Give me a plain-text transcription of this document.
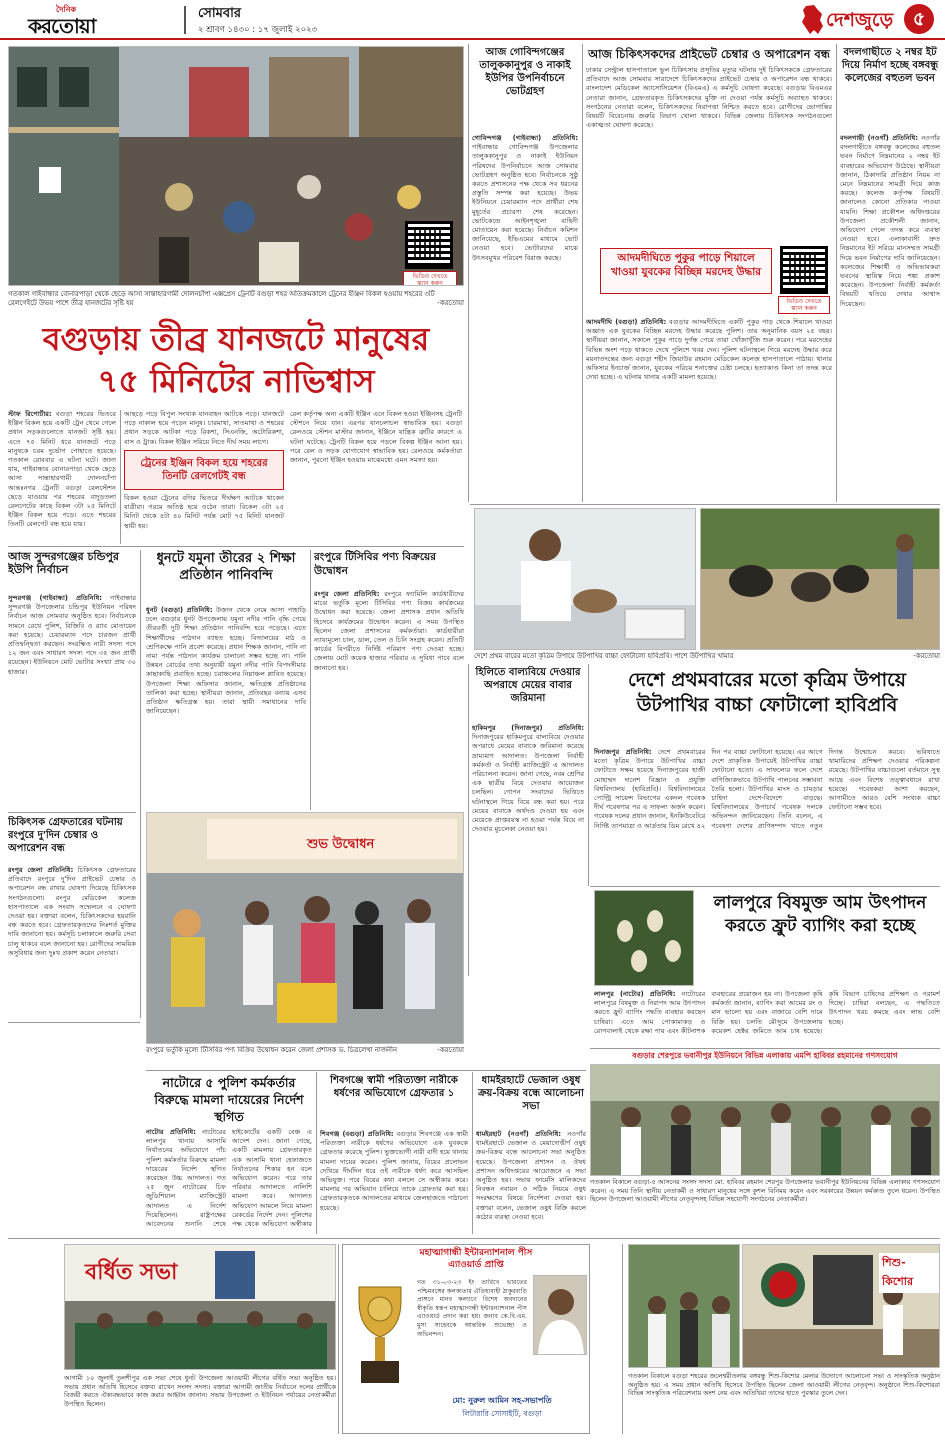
দৈনিক
করতোয়া
সোমবার
২ শ্রাবণ ১৪৩০ : ১৭ জুলাই ২০২৩	দেশজুড়ে	৫
ভিডিও দেখতে স্ক্যান করুন
গতকাল গাইবান্ধার বোনারপাড়া থেকে ছেড়ে আসা সান্তাহারগামী দোলনচাঁপা এক্সপ্রেস ট্রেনটি বগুড়া শহর অতিক্রমকালে ট্রেনের ইঞ্জিন বিকল হওয়ায় শহরের ৩টি রেলগেইটে উভয় পাশে তীব্র যানজটের সৃষ্টি হয়	-করতোয়া
বগুড়ায় তীব্র যানজটে মানুষের ৭৫ মিনিটের নাভিশ্বাস
স্টাফ রিপোর্টার: বগুড়া শহরের ভিতরে ইঞ্জিন বিকল হয়ে একটি ট্রেন থেমে গেলে প্রধান সড়কগুলোতে যানজট সৃষ্টি হয়। এতে ৭৫ মিনিট ধরে যানজটে পড়ে মানুষকে চরম দুর্ভোগ পোহাতে হয়েছে। গতকাল রোববার এ ঘটনা ঘটে। জানা যায়, গাইবান্ধার বোনারপাড়া থেকে ছেড়ে আসা সান্তাহারগামী দোলনচাঁপা আন্তঃনগর ট্রেনটি বগুড়া রেলস্টেশন ছেড়ে যাওয়ার পর শহরের বাদুড়তলা রেলগেটের কাছে বিকল ৩টা ২৫ মিনিটে ইঞ্জিন বিকল হয়ে পড়ে। এতে শহরের তিনটি রেলগেট বন্ধ হয়ে যায়।
আছড়ে পড়ে বিপুল সংখ্যক যানবাহন আটকে পড়ে। যানজটে পড়ে নাকাল হয়ে পড়েন মানুষ। চারমাথা, সাতমাথা ও শহরের প্রধান সড়কে আটকা পড়ে রিকশা, সিএনজি, অটোরিকশা, বাস ও ট্রাক। বিকল ইঞ্জিন সরিয়ে নিতে দীর্ঘ সময় লাগে।
ট্রেনের ইঞ্জিন বিকল হয়ে শহরের তিনটি রেলগেটই বন্ধ
বিকল হওয়া ট্রেনের বগির ভিতরে দীর্ঘক্ষণ আটকে থাকেন যাত্রীরা। গরমে অতিষ্ঠ হয়ে ওঠেন তারা। বিকেল ৩টা ২৫ মিনিট থেকে ৪টা ৪০ মিনিট পর্যন্ত মোট ৭৫ মিনিট যানজট স্থায়ী হয়।
রেল কর্তৃপক্ষ অন্য একটি ইঞ্জিন এনে বিকল হওয়া ইঞ্জিনসহ ট্রেনটি স্টেশনে নিয়ে যান। এরপর যানচলাচল স্বাভাবিক হয়। বগুড়া রেলওয়ে স্টেশন মাস্টার জানান, ইঞ্জিনে যান্ত্রিক ত্রুটির কারণে এ ঘটনা ঘটেছে। ট্রেনটি বিকল হয়ে পড়লে বিকল্প ইঞ্জিন আনা হয়। পরে রেল ও সড়ক যোগাযোগ স্বাভাবিক হয়। রেলওয়ে কর্মকর্তারা জানান, পুরনো ইঞ্জিন হওয়ায় মাঝেমধ্যে এমন সমস্যা হয়।
আজ গোবিন্দগঞ্জের তালুককানুপুর ও নাকাই ইউপির উপনির্বাচনে ভোটগ্রহণ
গোবিন্দগঞ্জ (গাইবান্ধা) প্রতিনিধি: গাইবান্ধার গোবিন্দগঞ্জ উপজেলার তালুককানুপুর ও নাকাই ইউনিয়ন পরিষদের উপনির্বাচনে আজ সোমবার ভোটগ্রহণ অনুষ্ঠিত হবে। নির্বাচনকে সুষ্ঠু করতে প্রশাসনের পক্ষ থেকে সব ধরনের প্রস্তুতি সম্পন্ন করা হয়েছে। উভয় ইউনিয়নে চেয়ারম্যান পদে প্রার্থীরা শেষ মুহূর্তের প্রচারণা শেষ করেছেন। ভোটকেন্দ্রে আইনশৃঙ্খলা বাহিনী মোতায়েন করা হয়েছে। নির্বাচন কমিশন জানিয়েছে, ইভিএমের মাধ্যমে ভোট নেওয়া হবে। ভোটারদের মাঝে উৎসবমুখর পরিবেশ বিরাজ করছে।
আজ চিকিৎসকদের প্রাইভেট চেম্বার ও অপারেশন বন্ধ
ঢাকার সেন্ট্রাল হাসপাতালে ভুল চিকিৎসায় প্রসূতির মৃত্যুর ঘটনায় দুই চিকিৎসককে গ্রেফতারের প্রতিবাদে আজ সোমবার সারাদেশে চিকিৎসকদের প্রাইভেট চেম্বার ও অপারেশন বন্ধ থাকবে। বাংলাদেশ মেডিকেল অ্যাসোসিয়েশন (বিএমএ) এ কর্মসূচি ঘোষণা করেছে। বগুড়ায় বিএমএর নেতারা জানান, গ্রেফতারকৃত চিকিৎসকদের মুক্তি না দেওয়া পর্যন্ত কর্মসূচি অব্যাহত থাকবে। সংগঠনের নেতারা বলেন, চিকিৎসকদের নিরাপত্তা নিশ্চিত করতে হবে। রোগীদের ভোগান্তির বিষয়টি বিবেচনায় জরুরি বিভাগ খোলা থাকবে। বিভিন্ন জেলায় চিকিৎসক সংগঠনগুলো একাত্মতা ঘোষণা করেছে।
আদমদীঘিতে পুকুর পাড়ে শিয়ালে খাওয়া যুবকের বিচ্ছিন্ন মরদেহ উদ্ধার
ভিডিও দেখতে স্ক্যান করুন
আদমদীঘি (বগুড়া) প্রতিনিধি: বগুড়ার আদমদীঘিতে একটি পুকুর পাড় থেকে শিয়ালে খাওয়া অজ্ঞাত এক যুবকের বিচ্ছিন্ন মরদেহ উদ্ধার করেছে পুলিশ। তার অনুমানিক বয়স ২৫ বছর। স্থানীয়রা জানান, সকালে পুকুর পাড়ে দুর্গন্ধ পেয়ে তারা খোঁজাখুঁজি শুরু করেন। পরে মরদেহের বিভিন্ন অংশ পড়ে থাকতে দেখে পুলিশে খবর দেন। পুলিশ ঘটনাস্থলে গিয়ে মরদেহ উদ্ধার করে ময়নাতদন্তের জন্য বগুড়া শহীদ জিয়াউর রহমান মেডিকেল কলেজ হাসপাতালে পাঠায়। থানার অফিসার ইনচার্জ জানান, যুবকের পরিচয় শনাক্তের চেষ্টা চলছে। হত্যাকাণ্ড কিনা তা তদন্ত করে দেখা হচ্ছে। এ ঘটনায় থানায় একটি মামলা হয়েছে।
বদলগাছীতে ২ নম্বর ইট দিয়ে নির্মাণ হচ্ছে বঙ্গবন্ধু কলেজের বহুতল ভবন
বদলগাছী (নওগাঁ) প্রতিনিধি: নওগাঁর বদলগাছীতে বঙ্গবন্ধু কলেজের বহুতল ভবন নির্মাণে নিম্নমানের ২ নম্বর ইট ব্যবহারের অভিযোগ উঠেছে। স্থানীয়রা জানান, ঠিকাদারি প্রতিষ্ঠান নিয়ম না মেনে নিম্নমানের সামগ্রী দিয়ে কাজ করছে। কলেজ কর্তৃপক্ষ বিষয়টি জানালেও কোনো প্রতিকার পাওয়া যায়নি। শিক্ষা প্রকৌশল অধিদপ্তরের উপজেলা প্রকৌশলী জানান, অভিযোগ পেলে তদন্ত করে ব্যবস্থা নেওয়া হবে। এলাকাবাসী দ্রুত নিম্নমানের ইট সরিয়ে মানসম্মত সামগ্রী দিয়ে ভবন নির্মাণের দাবি জানিয়েছেন। কলেজের শিক্ষার্থী ও অভিভাবকরা ভবনের স্থায়িত্ব নিয়ে শঙ্কা প্রকাশ করেছেন। উপজেলা নির্বাহী কর্মকর্তা বিষয়টি খতিয়ে দেখার আশ্বাস দিয়েছেন।
দেশে প্রথম বারের মতো কৃত্রিম উপায়ে উটপাখির বাচ্চা ফোটালো হাবিপ্রবি। পাশে উটপাখির খামার	-করতোয়া
আজ সুন্দরগঞ্জের চন্ডিপুর ইউপি নির্বাচন
সুন্দরগঞ্জ (গাইবান্ধা) প্রতিনিধি: গাইবান্ধার সুন্দরগঞ্জ উপজেলার চন্ডিপুর ইউনিয়ন পরিষদ নির্বাচন আজ সোমবার অনুষ্ঠিত হবে। নির্বাচনকে সামনে রেখে পুলিশ, বিজিবি ও র‍্যাব মোতায়েন করা হয়েছে। চেয়ারম্যান পদে চারজন প্রার্থী প্রতিদ্বন্দ্বিতা করছেন। সংরক্ষিত নারী সদস্য পদে ১২ জন এবং সাধারণ সদস্য পদে ৩৫ জন প্রার্থী রয়েছেন। ইউনিয়নে মোট ভোটার সংখ্যা প্রায় ৩০ হাজার।
চিকিৎসক গ্রেফতারের ঘটনায় রংপুরে দু'দিন চেম্বার ও অপারেশন বন্ধ
রংপুর জেলা প্রতিনিধি: চিকিৎসক গ্রেফতারের প্রতিবাদে রংপুরে দু'দিন প্রাইভেট চেম্বার ও অপারেশন বন্ধ রাখার ঘোষণা দিয়েছে চিকিৎসক সংগঠনগুলো। রংপুর মেডিকেল কলেজ হাসপাতালে এক সংবাদ সম্মেলনে এ ঘোষণা দেওয়া হয়। বক্তারা বলেন, চিকিৎসকদের হয়রানি বন্ধ করতে হবে। গ্রেফতারকৃতদের নিঃশর্ত মুক্তির দাবি জানানো হয়। কর্মসূচি চলাকালে জরুরি সেবা চালু থাকবে বলে জানানো হয়। রোগীদের সাময়িক অসুবিধার জন্য দুঃখ প্রকাশ করেন নেতারা।
ধুনটে যমুনা তীরের ২ শিক্ষা প্রতিষ্ঠান পানিবন্দি
ধুনট (বগুড়া) প্রতিনিধি: উজান থেকে নেমে আসা পাহাড়ি ঢলে বগুড়ার ধুনট উপজেলায় যমুনা নদীর পানি বৃদ্ধি পেয়ে তীরবর্তী দুটি শিক্ষা প্রতিষ্ঠান পানিবন্দি হয়ে পড়েছে। এতে শিক্ষার্থীদের পাঠদান ব্যাহত হচ্ছে। বিদ্যালয়ের মাঠ ও শ্রেণিকক্ষে পানি প্রবেশ করেছে। প্রধান শিক্ষক জানান, পানি না নামা পর্যন্ত পাঠদান কার্যক্রম চালানো সম্ভব হচ্ছে না। পানি উন্নয়ন বোর্ডের তথ্য অনুযায়ী যমুনা নদীর পানি বিপদসীমার কাছাকাছি প্রবাহিত হচ্ছে। চরাঞ্চলের নিম্নাঞ্চল প্লাবিত হয়েছে। উপজেলা শিক্ষা অফিসার জানান, ক্ষতিগ্রস্ত প্রতিষ্ঠানের তালিকা করা হচ্ছে। স্থানীয়রা জানান, প্রতিবছর বন্যায় এসব প্রতিষ্ঠান ক্ষতিগ্রস্ত হয়। তারা স্থায়ী সমাধানের দাবি জানিয়েছেন।
রংপুরে টিসিবির পণ্য বিক্রয়ের উদ্বোধন
রংপুর জেলা প্রতিনিধি: রংপুরে ফ্যামিলি কার্ডধারীদের মাঝে ভর্তুকি মূল্যে টিসিবির পণ্য বিক্রয় কার্যক্রমের উদ্বোধন করা হয়েছে। জেলা প্রশাসক প্রধান অতিথি হিসেবে কার্যক্রমের উদ্বোধন করেন। এ সময় উপস্থিত ছিলেন জেলা প্রশাসনের কর্মকর্তারা। কার্ডধারীরা ন্যায্যমূল্যে চাল, ডাল, তেল ও চিনি সংগ্রহ করেন। প্রতিটি কার্ডের বিপরীতে নির্দিষ্ট পরিমাণ পণ্য দেওয়া হচ্ছে। জেলায় মোট কয়েক হাজার পরিবার এ সুবিধা পাবে বলে জানানো হয়।
শুভ উদ্বোধন
রংপুরে ভর্তুকি মূল্যে টিসিবির পণ্য বিক্রির উদ্বোধন করেন জেলা প্রশাসক ড. চিত্রলেখা নাজনীন	-করতোয়া
হিলিতে বাল্যবিয়ে দেওয়ার অপরাধে মেয়ের বাবার জরিমানা
হাকিমপুর (দিনাজপুর) প্রতিনিধি: দিনাজপুরের হাকিমপুরে বাল্যবিয়ে দেওয়ার অপরাধে মেয়ের বাবাকে জরিমানা করেছে ভ্রাম্যমাণ আদালত। উপজেলা নির্বাহী কর্মকর্তা ও নির্বাহী ম্যাজিস্ট্রেট এ আদালত পরিচালনা করেন। জানা গেছে, নবম শ্রেণির এক ছাত্রীর বিয়ে দেওয়ার আয়োজন চলছিল। গোপন সংবাদের ভিত্তিতে ঘটনাস্থলে গিয়ে বিয়ে বন্ধ করা হয়। পরে মেয়ের বাবাকে অর্থদণ্ড দেওয়া হয় এবং মেয়েকে প্রাপ্তবয়স্ক না হওয়া পর্যন্ত বিয়ে না দেওয়ার মুচলেকা নেওয়া হয়।
দেশে প্রথমবারের মতো কৃত্রিম উপায়ে উটপাখির বাচ্চা ফোটালো হাবিপ্রবি
দিনাজপুর প্রতিনিধি: দেশে প্রথমবারের মতো কৃত্রিম উপায়ে উটপাখির বাচ্চা ফোটাতে সক্ষম হয়েছে দিনাজপুরের হাজী মোহাম্মদ দানেশ বিজ্ঞান ও প্রযুক্তি বিশ্ববিদ্যালয় (হাবিপ্রবি)। বিশ্ববিদ্যালয়ের পোল্ট্রি সায়েন্স বিভাগের একদল গবেষক দীর্ঘ গবেষণার পর এ সাফল্য অর্জন করেন। গবেষক দলের প্রধান জানান, ইনকিউবেটরে নির্দিষ্ট তাপমাত্রা ও আর্দ্রতায় ডিম রেখে ৪২ দিন পর বাচ্চা ফোটানো হয়েছে। এর আগে দেশে প্রাকৃতিক উপায়েই উটপাখির বাচ্চা ফোটানো হতো। এ সাফল্যের ফলে দেশে বাণিজ্যিকভাবে উটপাখি পালনের সম্ভাবনা তৈরি হলো। উটপাখির মাংস ও চামড়ার চাহিদা দেশে-বিদেশে বাড়ছে। বিশ্ববিদ্যালয়ের উপাচার্য গবেষক দলকে অভিনন্দন জানিয়েছেন। তিনি বলেন, এ গবেষণা দেশের প্রাণিসম্পদ খাতে নতুন দিগন্ত উন্মোচন করবে। ভবিষ্যতে খামারিদের প্রশিক্ষণ দেওয়ার পরিকল্পনা রয়েছে। উটপাখির বাচ্চাগুলো বর্তমানে সুস্থ আছে এবং বিশেষ তত্ত্বাবধানে রাখা হয়েছে। গবেষকরা আশা করছেন, আগামীতে আরও বেশি সংখ্যক বাচ্চা ফোটানো সম্ভব হবে।
লালপুরে বিষমুক্ত আম উৎপাদন করতে ফ্রুট ব্যাগিং করা হচ্ছে
লালপুর (নাটোর) প্রতিনিধি: নাটোরের লালপুরে বিষমুক্ত ও নিরাপদ আম উৎপাদন করতে ফ্রুট ব্যাগিং পদ্ধতি ব্যবহার করছেন চাষিরা। এতে আম পোকামাকড় ও রোগবালাই থেকে রক্ষা পায় এবং কীটনাশক ব্যবহারের প্রয়োজন হয় না। উপজেলা কৃষি কর্মকর্তা জানান, ব্যাগিং করা আমের রং ও মান ভালো হয় এবং বাজারে বেশি দামে বিক্রি হয়। চলতি মৌসুমে উপজেলায় কয়েকশ হেক্টর জমিতে আম চাষ হয়েছে। কৃষি বিভাগ চাষিদের প্রশিক্ষণ ও পরামর্শ দিচ্ছে। চাষিরা বলছেন, এ পদ্ধতিতে উৎপাদন খরচ কমছে এবং লাভ বেশি হচ্ছে।
নাটোরে ৫ পুলিশ কর্মকর্তার বিরুদ্ধে মামলা দায়েরের নির্দেশ স্থগিত
নাটোর প্রতিনিধি: নাটোরের লালপুর থানায় আসামি নির্যাতনের অভিযোগে পাঁচ পুলিশ কর্মকর্তার বিরুদ্ধে মামলা দায়েরের নির্দেশ স্থগিত করেছেন উচ্চ আদালত। গত ২৫ জুন নাটোরের চিফ জুডিশিয়াল ম্যাজিস্ট্রেট আদালত এ নির্দেশ দিয়েছিলেন। রাষ্ট্রপক্ষের আবেদনের শুনানি শেষে হাইকোর্টের একটি বেঞ্চ এ আদেশ দেন। জানা গেছে, একটি মামলায় গ্রেফতারকৃত এক আসামি থানা হেফাজতে নির্যাতনের শিকার হন বলে অভিযোগ করেন। পরে তার পরিবার আদালতে নালিশি মামলা করে। আদালত অভিযোগ আমলে নিয়ে মামলা রেকর্ডের নির্দেশ দেন। পুলিশের পক্ষ থেকে অভিযোগ অস্বীকার
শিবগঞ্জে স্বামী পরিত্যক্তা নারীকে ধর্ষণের অভিযোগে গ্রেফতার ১
শিবগঞ্জ (বগুড়া) প্রতিনিধি: বগুড়ার শিবগঞ্জে এক স্বামী পরিত্যক্তা নারীকে ধর্ষণের অভিযোগে এক যুবককে গ্রেফতার করেছে পুলিশ। ভুক্তভোগী নারী বাদী হয়ে থানায় মামলা দায়ের করেন। পুলিশ জানায়, বিয়ের প্রলোভন দেখিয়ে দীর্ঘদিন ধরে ওই নারীকে ধর্ষণ করে আসছিল অভিযুক্ত। পরে বিয়ের কথা বললে সে অস্বীকার করে। মামলার পর অভিযান চালিয়ে তাকে গ্রেফতার করা হয়। গ্রেফতারকৃতকে আদালতের মাধ্যমে জেলহাজতে পাঠানো হয়েছে।
ধামইরহাটে ভেজাল ওষুধ ক্রয়-বিক্রয় বন্ধে আলোচনা সভা
ধামইরহাট (নওগাঁ) প্রতিনিধি: নওগাঁর ধামইরহাটে ভেজাল ও মেয়াদোত্তীর্ণ ওষুধ ক্রয়-বিক্রয় বন্ধে আলোচনা সভা অনুষ্ঠিত হয়েছে। উপজেলা প্রশাসন ও ঔষধ প্রশাসন অধিদপ্তরের আয়োজনে এ সভা অনুষ্ঠিত হয়। সভায় ফার্মেসি মালিকদের নিবন্ধন নবায়ন ও সঠিক নিয়মে ওষুধ সংরক্ষণের বিষয়ে নির্দেশনা দেওয়া হয়। বক্তারা বলেন, ভেজাল ওষুধ বিক্রি করলে কঠোর ব্যবস্থা নেওয়া হবে।
বগুড়ার শেরপুরে ভবানীপুর ইউনিয়নে বিভিন্ন এলাকায় এমপি হাবিবর রহমানের গণসংযোগ
গতকাল বিকালে বগুড়া-৫ আসনের সংসদ সদস্য মো. হাবিবর রহমান শেরপুর উপজেলার ভবানীপুর ইউনিয়নের বিভিন্ন এলাকায় গণসংযোগ করেন। এ সময় তিনি স্থানীয় নেতাকর্মী ও সাধারণ মানুষের সঙ্গে কুশল বিনিময় করেন এবং সরকারের উন্নয়ন কর্মকাণ্ড তুলে ধরেন। উপস্থিত ছিলেন উপজেলা আওয়ামী লীগের নেতৃবৃন্দসহ বিভিন্ন সহযোগী সংগঠনের নেতাকর্মীরা।
বর্ধিত সভা
আগামী ১০ জুলাই তুলশীপুর এক সভা শেষে ধুনট উপজেলা আওয়ামী লীগের বর্ধিত সভা অনুষ্ঠিত হয়। সভায় প্রধান অতিথি হিসেবে বক্তব্য রাখেন সংসদ সদস্য। বক্তারা আগামী জাতীয় নির্বাচনে দলের প্রার্থীকে বিজয়ী করতে ঐক্যবদ্ধভাবে কাজ করার আহ্বান জানান। সভায় উপজেলা ও ইউনিয়ন পর্যায়ের নেতাকর্মীরা উপস্থিত ছিলেন।
মহাত্মাগান্ধী ইন্টারন্যাশনাল পীস এ্যাওয়ার্ড প্রাপ্তি
গত ৩১-০৩-২৩ ইং তারিখে ভারতের পশ্চিমবঙ্গের কলকাতার ঐতিহ্যবাহী ঠাকুরবাড়ি প্রাঙ্গণে মানব কল্যাণে বিশেষ অবদানের স্বীকৃতি স্বরূপ মহাত্মাগান্ধী ইন্টারন্যাশনাল পীস এ্যাওয়ার্ড প্রদান করা হয়। জনাব কে.বি.এম. মুসা সাহেবকে আন্তরিক শুভেচ্ছা ও অভিনন্দন।
মো: নুরুল আমিন সহ-সভাপতি
লিটারারি সোসাইটি, বগুড়া
শিশু-কিশোর
গতকাল বিকালে বগুড়া শহরের জলেশ্বরীতলায় বঙ্গবন্ধু শিশু-কিশোর মেলার উদ্যোগে আলোচনা সভা ও সাংস্কৃতিক অনুষ্ঠান অনুষ্ঠিত হয়। এ সময় প্রধান অতিথি হিসেবে উপস্থিত ছিলেন জেলা আওয়ামী লীগের নেতৃবৃন্দ। অনুষ্ঠানে শিশু-কিশোররা বিভিন্ন সাংস্কৃতিক পরিবেশনায় অংশ নেয় এবং অতিথিরা তাদের হাতে পুরস্কার তুলে দেন।
